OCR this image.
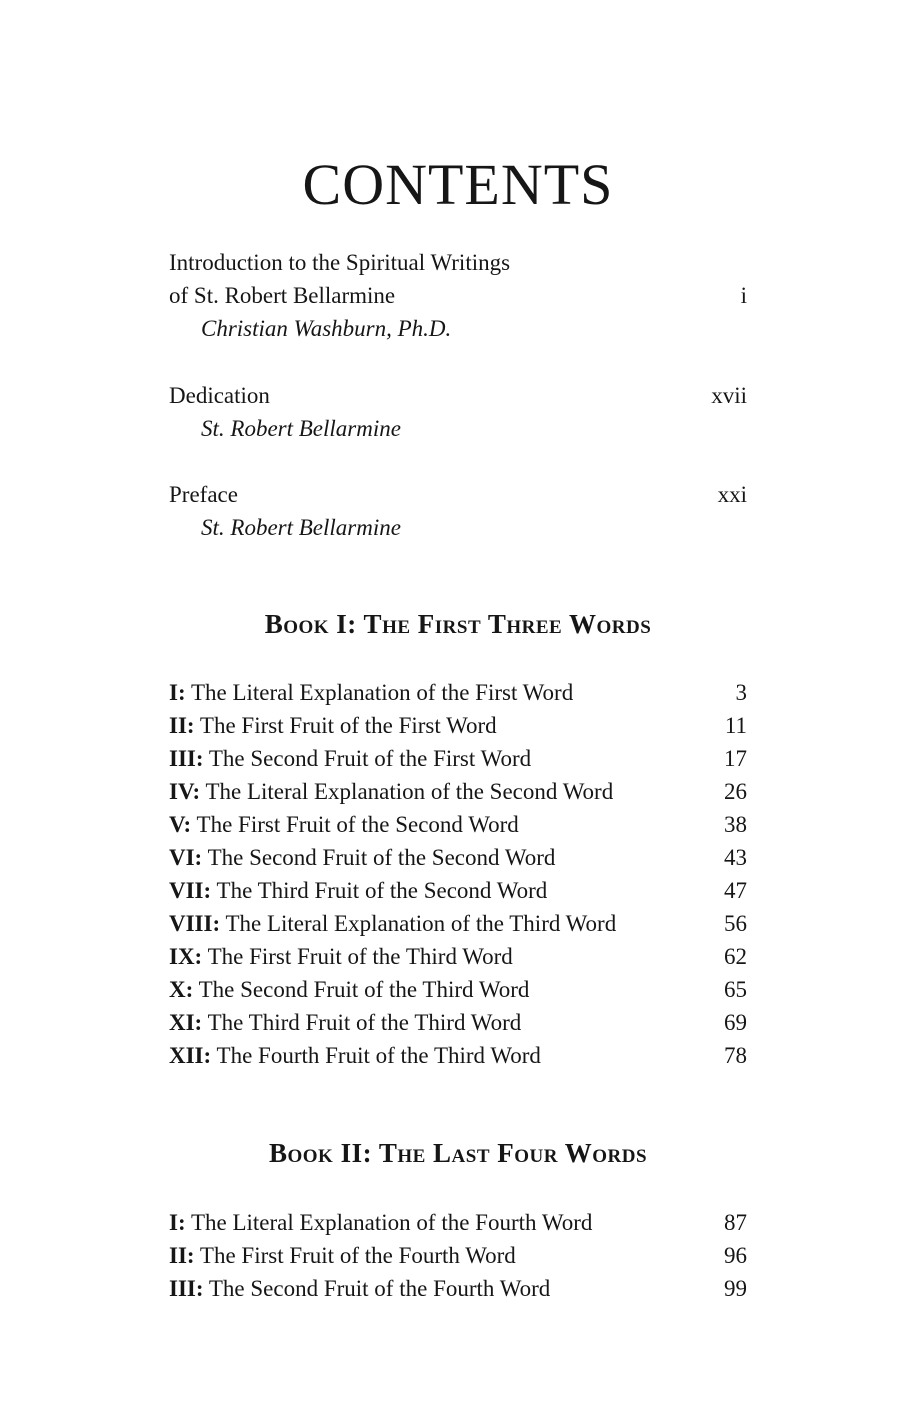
CONTENTS
Introduction to the Spiritual Writings
of St. Robert Bellarmine	i
Christian Washburn, Ph.D.
Dedication	xvii
St. Robert Bellarmine
Preface	xxi
St. Robert Bellarmine
Book I: The First Three Words
I: The Literal Explanation of the First Word	3
II: The First Fruit of the First Word	11
III: The Second Fruit of the First Word	17
IV: The Literal Explanation of the Second Word	26
V: The First Fruit of the Second Word	38
VI: The Second Fruit of the Second Word	43
VII: The Third Fruit of the Second Word	47
VIII: The Literal Explanation of the Third Word	56
IX: The First Fruit of the Third Word	62
X: The Second Fruit of the Third Word	65
XI: The Third Fruit of the Third Word	69
XII: The Fourth Fruit of the Third Word	78
Book II: The Last Four Words
I: The Literal Explanation of the Fourth Word	87
II: The First Fruit of the Fourth Word	96
III: The Second Fruit of the Fourth Word	99
